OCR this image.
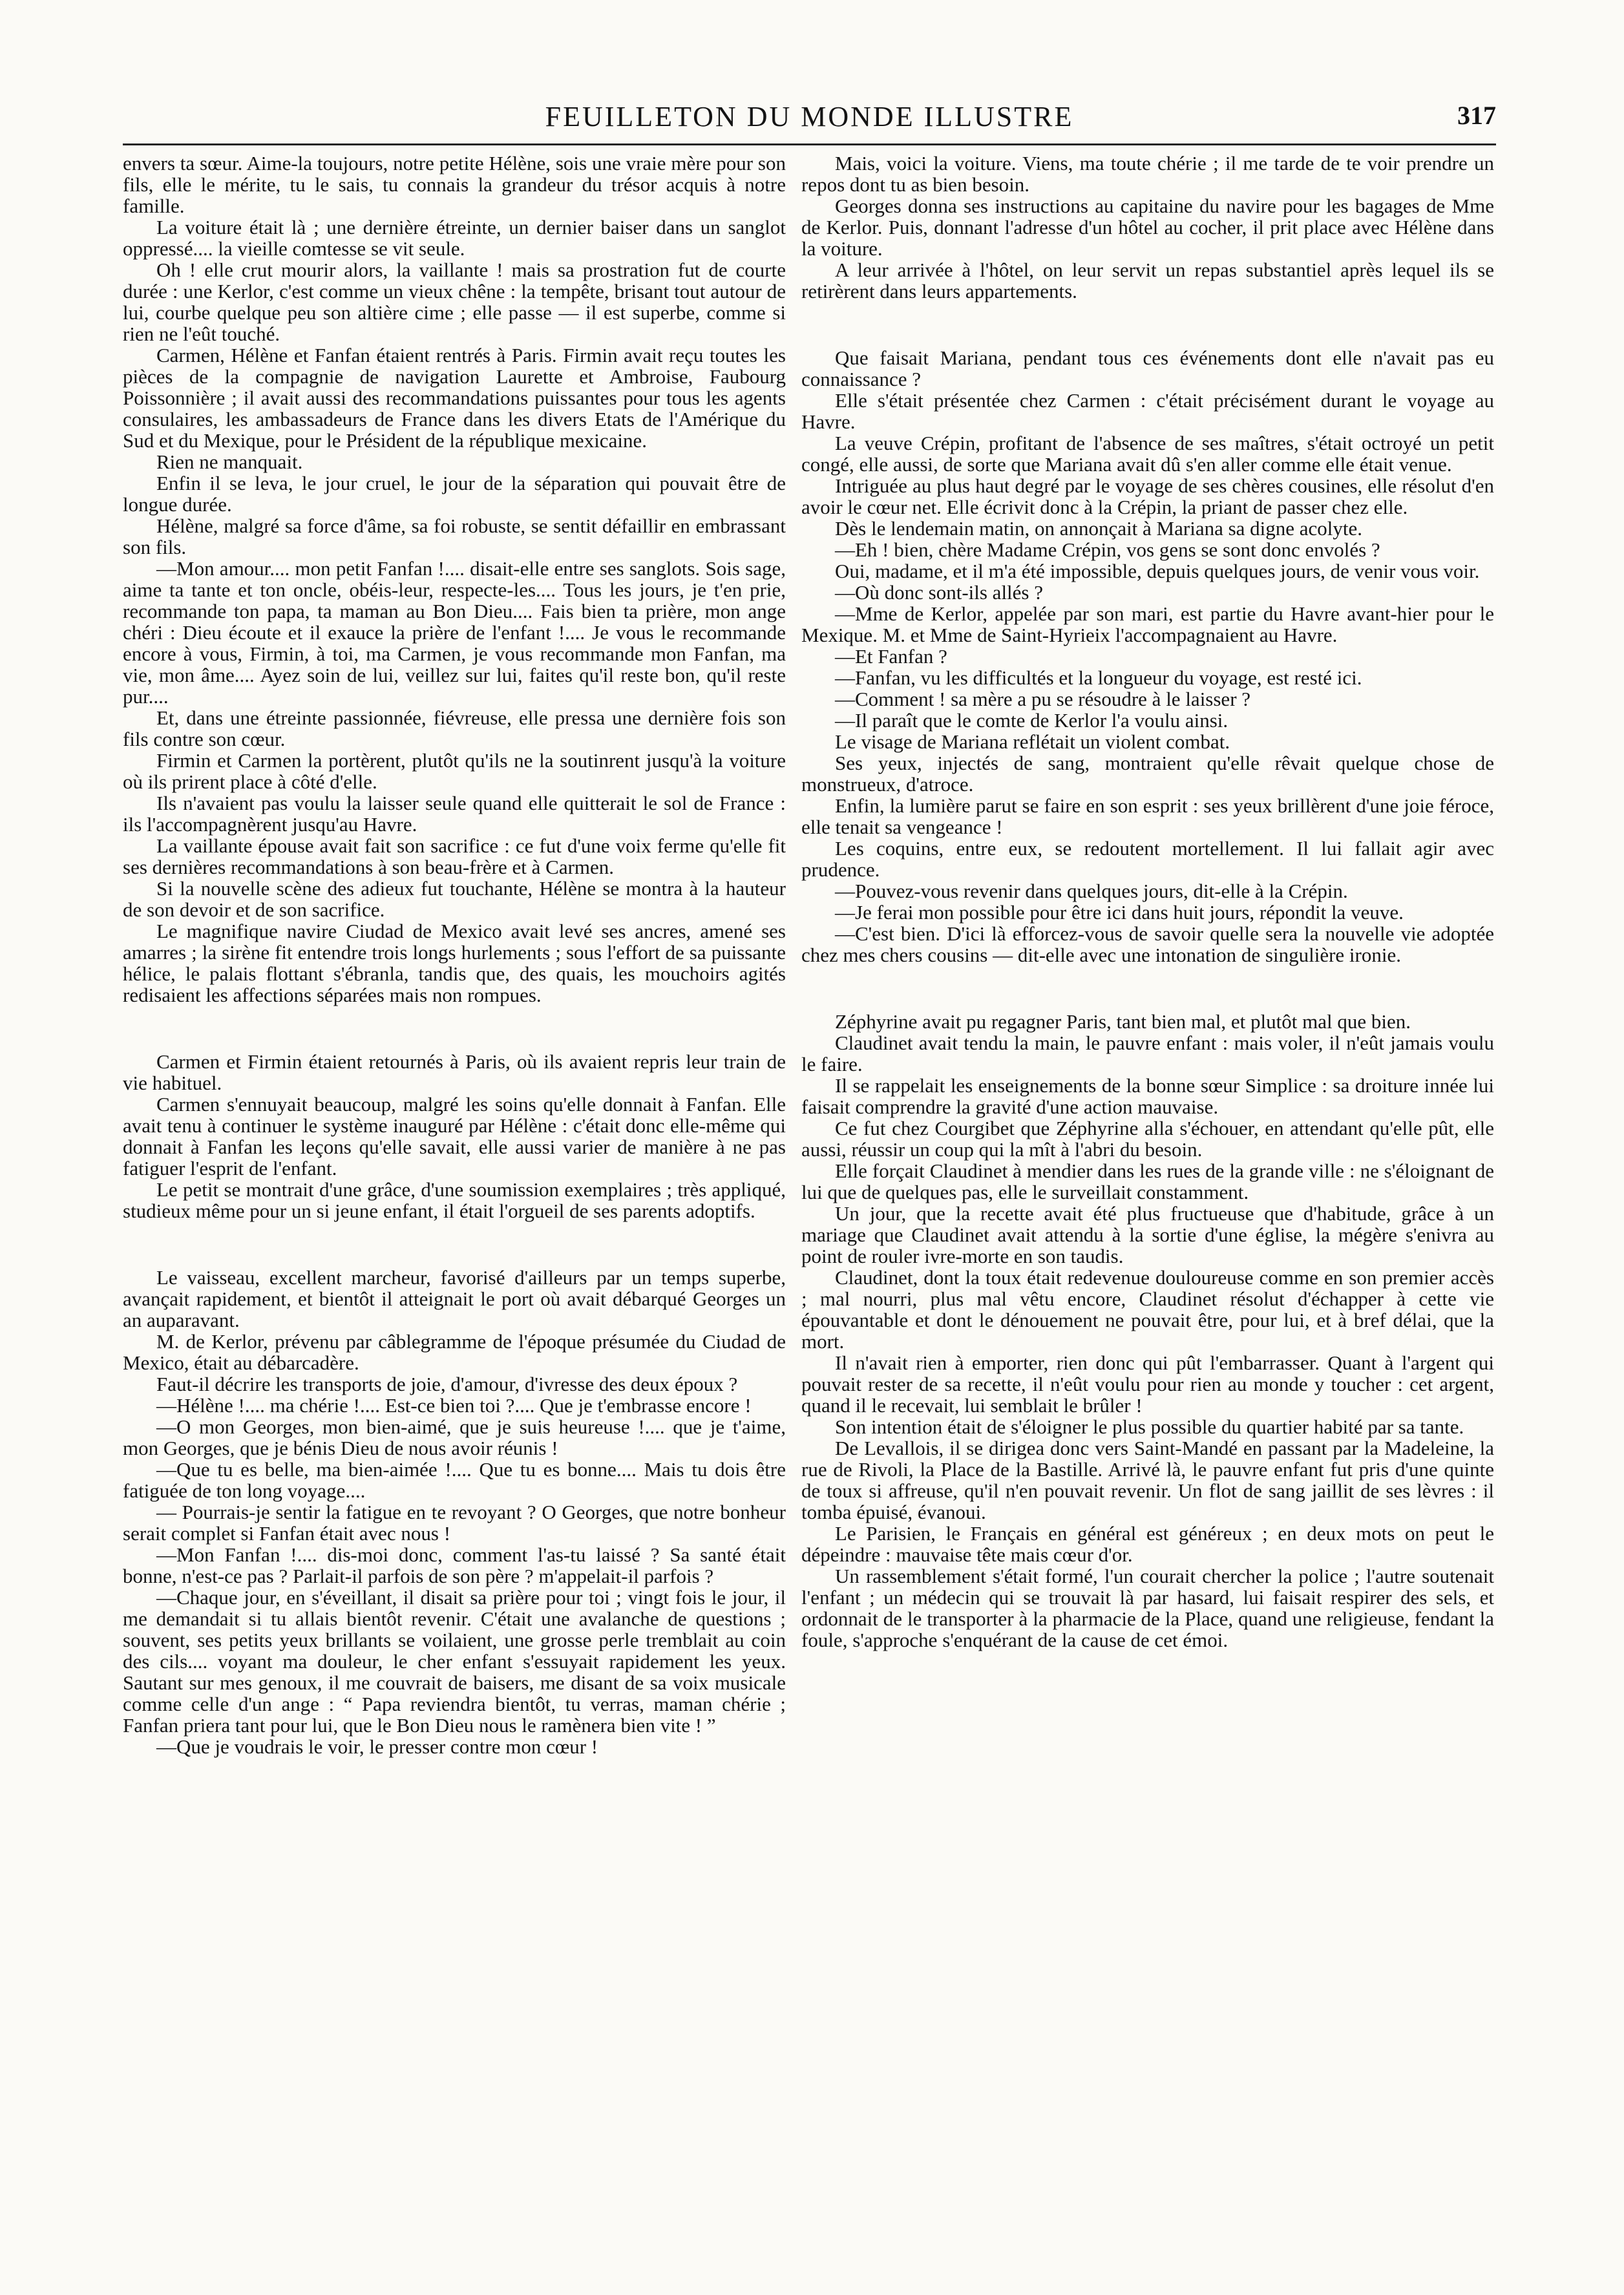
FEUILLETON DU MONDE ILLUSTRE	317

envers ta sœur. Aime-la toujours, notre petite Hélène, sois une vraie mère pour son fils, elle le mérite, tu le sais, tu connais la grandeur du trésor acquis à notre famille.

La voiture était là ; une dernière étreinte, un dernier baiser dans un sanglot oppressé.... la vieille comtesse se vit seule.

Oh ! elle crut mourir alors, la vaillante ! mais sa prostration fut de courte durée : une Kerlor, c'est comme un vieux chêne : la tempête, brisant tout autour de lui, courbe quelque peu son altière cime ; elle passe — il est superbe, comme si rien ne l'eût touché.

Carmen, Hélène et Fanfan étaient rentrés à Paris. Firmin avait reçu toutes les pièces de la compagnie de navigation Laurette et Ambroise, Faubourg Poissonnière ; il avait aussi des recommandations puissantes pour tous les agents consulaires, les ambassadeurs de France dans les divers Etats de l'Amérique du Sud et du Mexique, pour le Président de la république mexicaine.

Rien ne manquait.

Enfin il se leva, le jour cruel, le jour de la séparation qui pouvait être de longue durée.

Hélène, malgré sa force d'âme, sa foi robuste, se sentit défaillir en embrassant son fils.

—Mon amour.... mon petit Fanfan !.... disait-elle entre ses sanglots. Sois sage, aime ta tante et ton oncle, obéis-leur, respecte-les.... Tous les jours, je t'en prie, recommande ton papa, ta maman au Bon Dieu.... Fais bien ta prière, mon ange chéri : Dieu écoute et il exauce la prière de l'enfant !.... Je vous le recommande encore à vous, Firmin, à toi, ma Carmen, je vous recommande mon Fanfan, ma vie, mon âme.... Ayez soin de lui, veillez sur lui, faites qu'il reste bon, qu'il reste pur....

Et, dans une étreinte passionnée, fiévreuse, elle pressa une dernière fois son fils contre son cœur.

Firmin et Carmen la portèrent, plutôt qu'ils ne la soutinrent jusqu'à la voiture où ils prirent place à côté d'elle.

Ils n'avaient pas voulu la laisser seule quand elle quitterait le sol de France : ils l'accompagnèrent jusqu'au Havre.

La vaillante épouse avait fait son sacrifice : ce fut d'une voix ferme qu'elle fit ses dernières recommandations à son beau-frère et à Carmen.

Si la nouvelle scène des adieux fut touchante, Hélène se montra à la hauteur de son devoir et de son sacrifice.

Le magnifique navire Ciudad de Mexico avait levé ses ancres, amené ses amarres ; la sirène fit entendre trois longs hurlements ; sous l'effort de sa puissante hélice, le palais flottant s'ébranla, tandis que, des quais, les mouchoirs agités redisaient les affections séparées mais non rompues.

Carmen et Firmin étaient retournés à Paris, où ils avaient repris leur train de vie habituel.

Carmen s'ennuyait beaucoup, malgré les soins qu'elle donnait à Fanfan. Elle avait tenu à continuer le système inauguré par Hélène : c'était donc elle-même qui donnait à Fanfan les leçons qu'elle savait, elle aussi varier de manière à ne pas fatiguer l'esprit de l'enfant.

Le petit se montrait d'une grâce, d'une soumission exemplaires ; très appliqué, studieux même pour un si jeune enfant, il était l'orgueil de ses parents adoptifs.

Le vaisseau, excellent marcheur, favorisé d'ailleurs par un temps superbe, avançait rapidement, et bientôt il atteignait le port où avait débarqué Georges un an auparavant.

M. de Kerlor, prévenu par câblegramme de l'époque présumée du Ciudad de Mexico, était au débarcadère.

Faut-il décrire les transports de joie, d'amour, d'ivresse des deux époux ?

—Hélène !.... ma chérie !.... Est-ce bien toi ?.... Que je t'embrasse encore !

—O mon Georges, mon bien-aimé, que je suis heureuse !.... que je t'aime, mon Georges, que je bénis Dieu de nous avoir réunis !

—Que tu es belle, ma bien-aimée !.... Que tu es bonne.... Mais tu dois être fatiguée de ton long voyage....

— Pourrais-je sentir la fatigue en te revoyant ? O Georges, que notre bonheur serait complet si Fanfan était avec nous !

—Mon Fanfan !.... dis-moi donc, comment l'as-tu laissé ? Sa santé était bonne, n'est-ce pas ? Parlait-il parfois de son père ? m'appelait-il parfois ?

—Chaque jour, en s'éveillant, il disait sa prière pour toi ; vingt fois le jour, il me demandait si tu allais bientôt revenir. C'était une avalanche de questions ; souvent, ses petits yeux brillants se voilaient, une grosse perle tremblait au coin des cils.... voyant ma douleur, le cher enfant s'essuyait rapidement les yeux. Sautant sur mes genoux, il me couvrait de baisers, me disant de sa voix musicale comme celle d'un ange : “ Papa reviendra bientôt, tu verras, maman chérie ; Fanfan priera tant pour lui, que le Bon Dieu nous le ramènera bien vite ! ”

—Que je voudrais le voir, le presser contre mon cœur !

Mais, voici la voiture. Viens, ma toute chérie ; il me tarde de te voir prendre un repos dont tu as bien besoin.

Georges donna ses instructions au capitaine du navire pour les bagages de Mme de Kerlor. Puis, donnant l'adresse d'un hôtel au cocher, il prit place avec Hélène dans la voiture.

A leur arrivée à l'hôtel, on leur servit un repas substantiel après lequel ils se retirèrent dans leurs appartements.

Que faisait Mariana, pendant tous ces événements dont elle n'avait pas eu connaissance ?

Elle s'était présentée chez Carmen : c'était précisément durant le voyage au Havre.

La veuve Crépin, profitant de l'absence de ses maîtres, s'était octroyé un petit congé, elle aussi, de sorte que Mariana avait dû s'en aller comme elle était venue.

Intriguée au plus haut degré par le voyage de ses chères cousines, elle résolut d'en avoir le cœur net. Elle écrivit donc à la Crépin, la priant de passer chez elle.

Dès le lendemain matin, on annonçait à Mariana sa digne acolyte.

—Eh ! bien, chère Madame Crépin, vos gens se sont donc envolés ?

Oui, madame, et il m'a été impossible, depuis quelques jours, de venir vous voir.

—Où donc sont-ils allés ?

—Mme de Kerlor, appelée par son mari, est partie du Havre avant-hier pour le Mexique. M. et Mme de Saint-Hyrieix l'accompagnaient au Havre.

—Et Fanfan ?

—Fanfan, vu les difficultés et la longueur du voyage, est resté ici.

—Comment ! sa mère a pu se résoudre à le laisser ?

—Il paraît que le comte de Kerlor l'a voulu ainsi.

Le visage de Mariana reflétait un violent combat.

Ses yeux, injectés de sang, montraient qu'elle rêvait quelque chose de monstrueux, d'atroce.

Enfin, la lumière parut se faire en son esprit : ses yeux brillèrent d'une joie féroce, elle tenait sa vengeance !

Les coquins, entre eux, se redoutent mortellement. Il lui fallait agir avec prudence.

—Pouvez-vous revenir dans quelques jours, dit-elle à la Crépin.

—Je ferai mon possible pour être ici dans huit jours, répondit la veuve.

—C'est bien. D'ici là efforcez-vous de savoir quelle sera la nouvelle vie adoptée chez mes chers cousins — dit-elle avec une intonation de singulière ironie.

Zéphyrine avait pu regagner Paris, tant bien mal, et plutôt mal que bien.

Claudinet avait tendu la main, le pauvre enfant : mais voler, il n'eût jamais voulu le faire.

Il se rappelait les enseignements de la bonne sœur Simplice : sa droiture innée lui faisait comprendre la gravité d'une action mauvaise.

Ce fut chez Courgibet que Zéphyrine alla s'échouer, en attendant qu'elle pût, elle aussi, réussir un coup qui la mît à l'abri du besoin.

Elle forçait Claudinet à mendier dans les rues de la grande ville : ne s'éloignant de lui que de quelques pas, elle le surveillait constamment.

Un jour, que la recette avait été plus fructueuse que d'habitude, grâce à un mariage que Claudinet avait attendu à la sortie d'une église, la mégère s'enivra au point de rouler ivre-morte en son taudis.

Claudinet, dont la toux était redevenue douloureuse comme en son premier accès ; mal nourri, plus mal vêtu encore, Claudinet résolut d'échapper à cette vie épouvantable et dont le dénouement ne pouvait être, pour lui, et à bref délai, que la mort.

Il n'avait rien à emporter, rien donc qui pût l'embarrasser. Quant à l'argent qui pouvait rester de sa recette, il n'eût voulu pour rien au monde y toucher : cet argent, quand il le recevait, lui semblait le brûler !

Son intention était de s'éloigner le plus possible du quartier habité par sa tante.

De Levallois, il se dirigea donc vers Saint-Mandé en passant par la Madeleine, la rue de Rivoli, la Place de la Bastille. Arrivé là, le pauvre enfant fut pris d'une quinte de toux si affreuse, qu'il n'en pouvait revenir. Un flot de sang jaillit de ses lèvres : il tomba épuisé, évanoui.

Le Parisien, le Français en général est généreux ; en deux mots on peut le dépeindre : mauvaise tête mais cœur d'or.

Un rassemblement s'était formé, l'un courait chercher la police ; l'autre soutenait l'enfant ; un médecin qui se trouvait là par hasard, lui faisait respirer des sels, et ordonnait de le transporter à la pharmacie de la Place, quand une religieuse, fendant la foule, s'approche s'enquérant de la cause de cet émoi.
